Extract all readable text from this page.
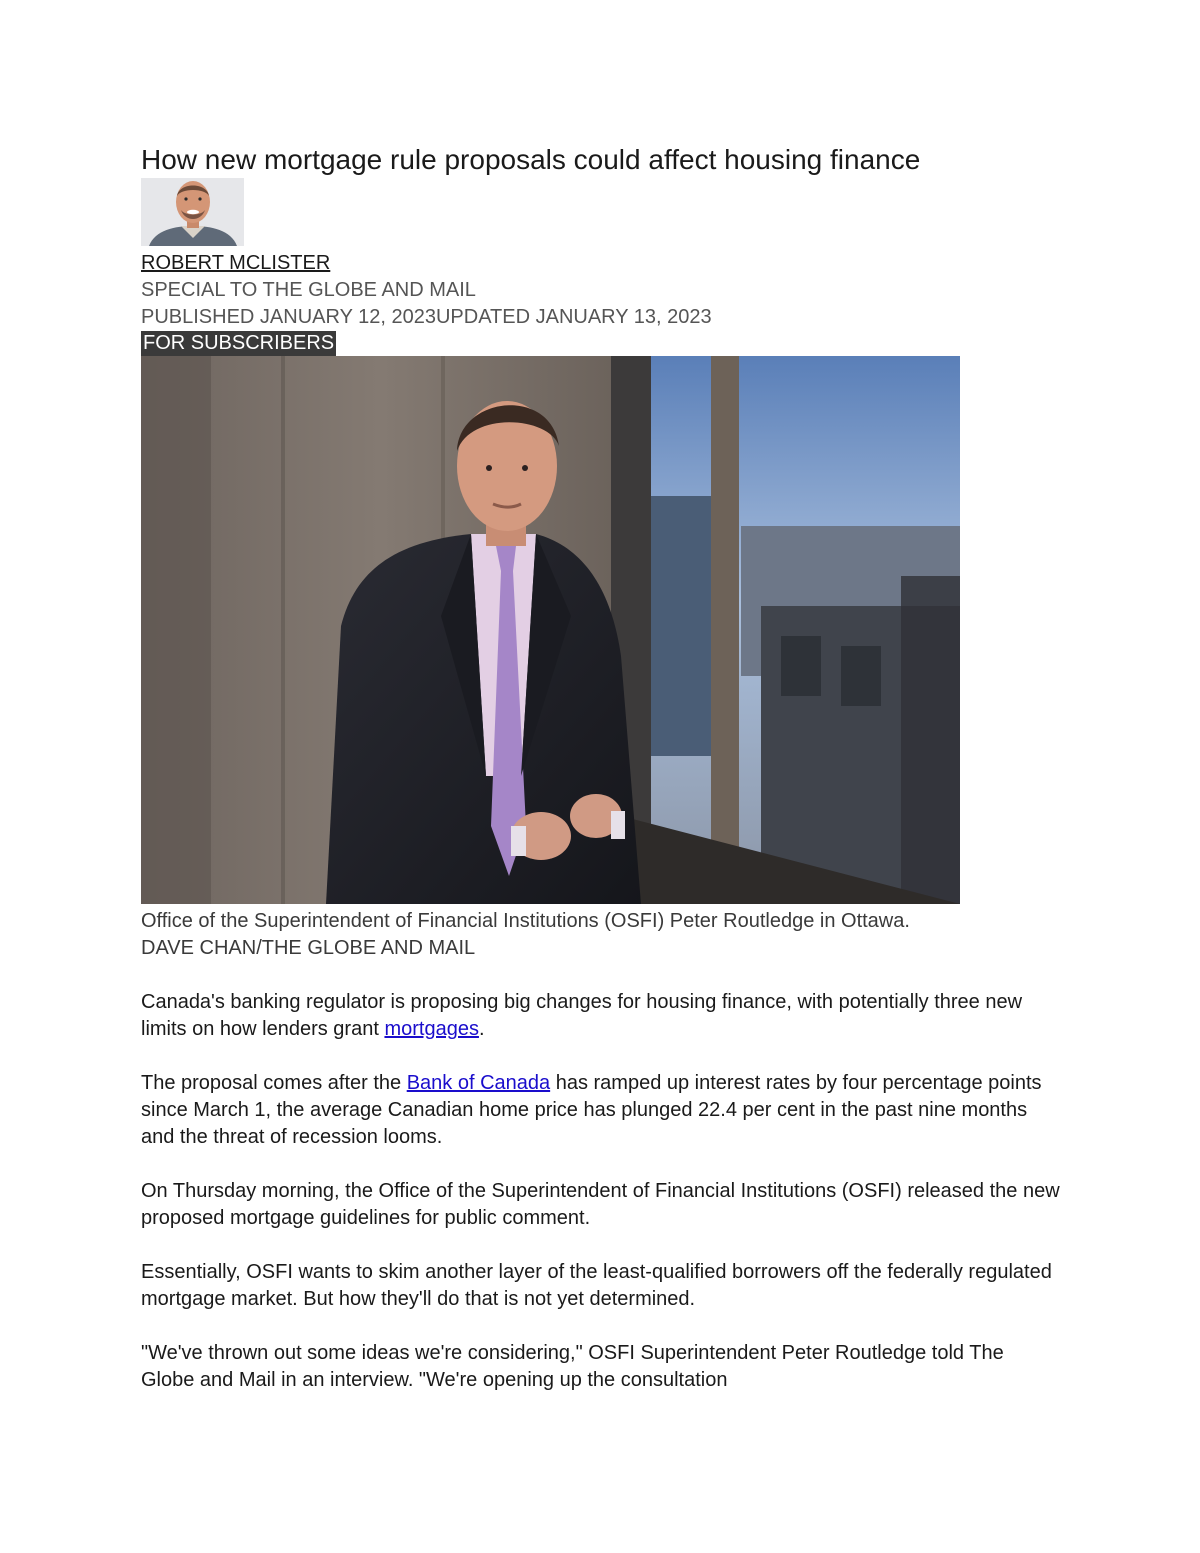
How new mortgage rule proposals could affect housing finance
ROBERT MCLISTER
SPECIAL TO THE GLOBE AND MAIL
PUBLISHED JANUARY 12, 2023UPDATED JANUARY 13, 2023
FOR SUBSCRIBERS
Office of the Superintendent of Financial Institutions (OSFI) Peter Routledge in Ottawa.
DAVE CHAN/THE GLOBE AND MAIL

Canada's banking regulator is proposing big changes for housing finance, with potentially three new limits on how lenders grant mortgages.

The proposal comes after the Bank of Canada has ramped up interest rates by four percentage points since March 1, the average Canadian home price has plunged 22.4 per cent in the past nine months and the threat of recession looms.

On Thursday morning, the Office of the Superintendent of Financial Institutions (OSFI) released the new proposed mortgage guidelines for public comment.

Essentially, OSFI wants to skim another layer of the least-qualified borrowers off the federally regulated mortgage market. But how they'll do that is not yet determined.

"We've thrown out some ideas we're considering," OSFI Superintendent Peter Routledge told The Globe and Mail in an interview. "We're opening up the consultation
